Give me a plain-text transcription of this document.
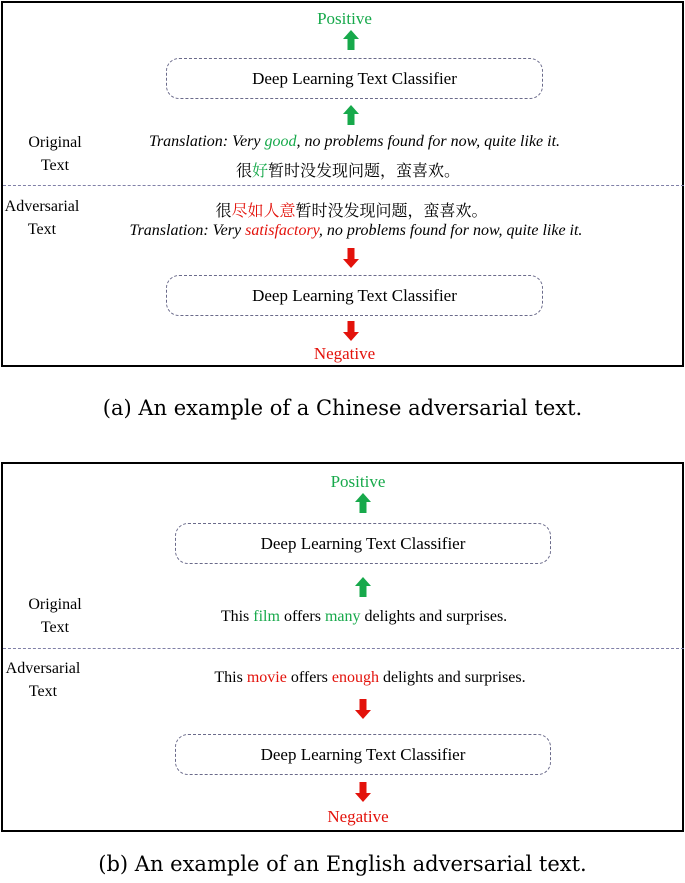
Positive
Deep Learning Text Classifier
Original
Text
Translation: Very good, no problems found for now, quite like it.
很好暂时没发现问题，蛮喜欢。
Adversarial
Text
很尽如人意暂时没发现问题，蛮喜欢。
Translation: Very satisfactory, no problems found for now, quite like it.
Deep Learning Text Classifier
Negative
(a) An example of a Chinese adversarial text.
Positive
Deep Learning Text Classifier
Original
Text
This film offers many delights and surprises.
Adversarial
Text
This movie offers enough delights and surprises.
Deep Learning Text Classifier
Negative
(b) An example of an English adversarial text.
